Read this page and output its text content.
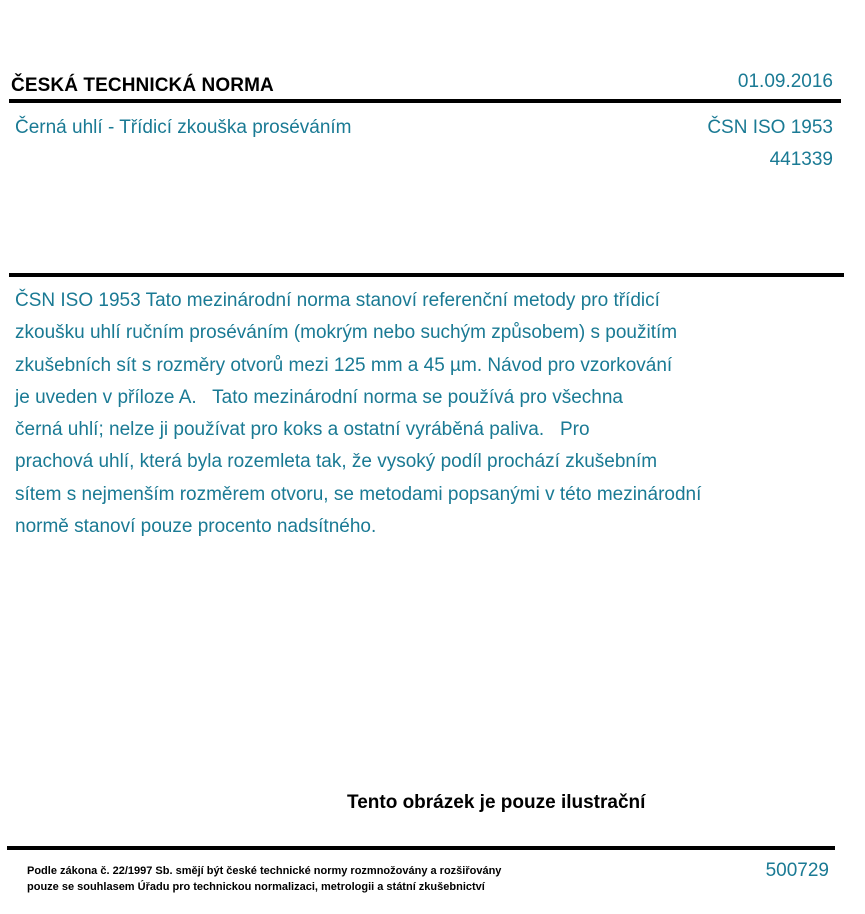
ČESKÁ TECHNICKÁ NORMA	01.09.2016
Černá uhlí - Třídicí zkouška proséváním	ČSN ISO 1953
441339
ČSN ISO 1953 Tato mezinárodní norma stanoví referenční metody pro třídicí
zkoušku uhlí ručním proséváním (mokrým nebo suchým způsobem) s použitím
zkušebních sít s rozměry otvorů mezi 125 mm a 45 µm. Návod pro vzorkování
je uveden v příloze A.   Tato mezinárodní norma se používá pro všechna
černá uhlí; nelze ji používat pro koks a ostatní vyráběná paliva.   Pro
prachová uhlí, která byla rozemleta tak, že vysoký podíl prochází zkušebním
sítem s nejmenším rozměrem otvoru, se metodami popsanými v této mezinárodní
normě stanoví pouze procento nadsítného.
Tento obrázek je pouze ilustrační
Podle zákona č. 22/1997 Sb. smějí být české technické normy rozmnožovány a rozšiřovány
pouze se souhlasem Úřadu pro technickou normalizaci, metrologii a státní zkušebnictví
500729
